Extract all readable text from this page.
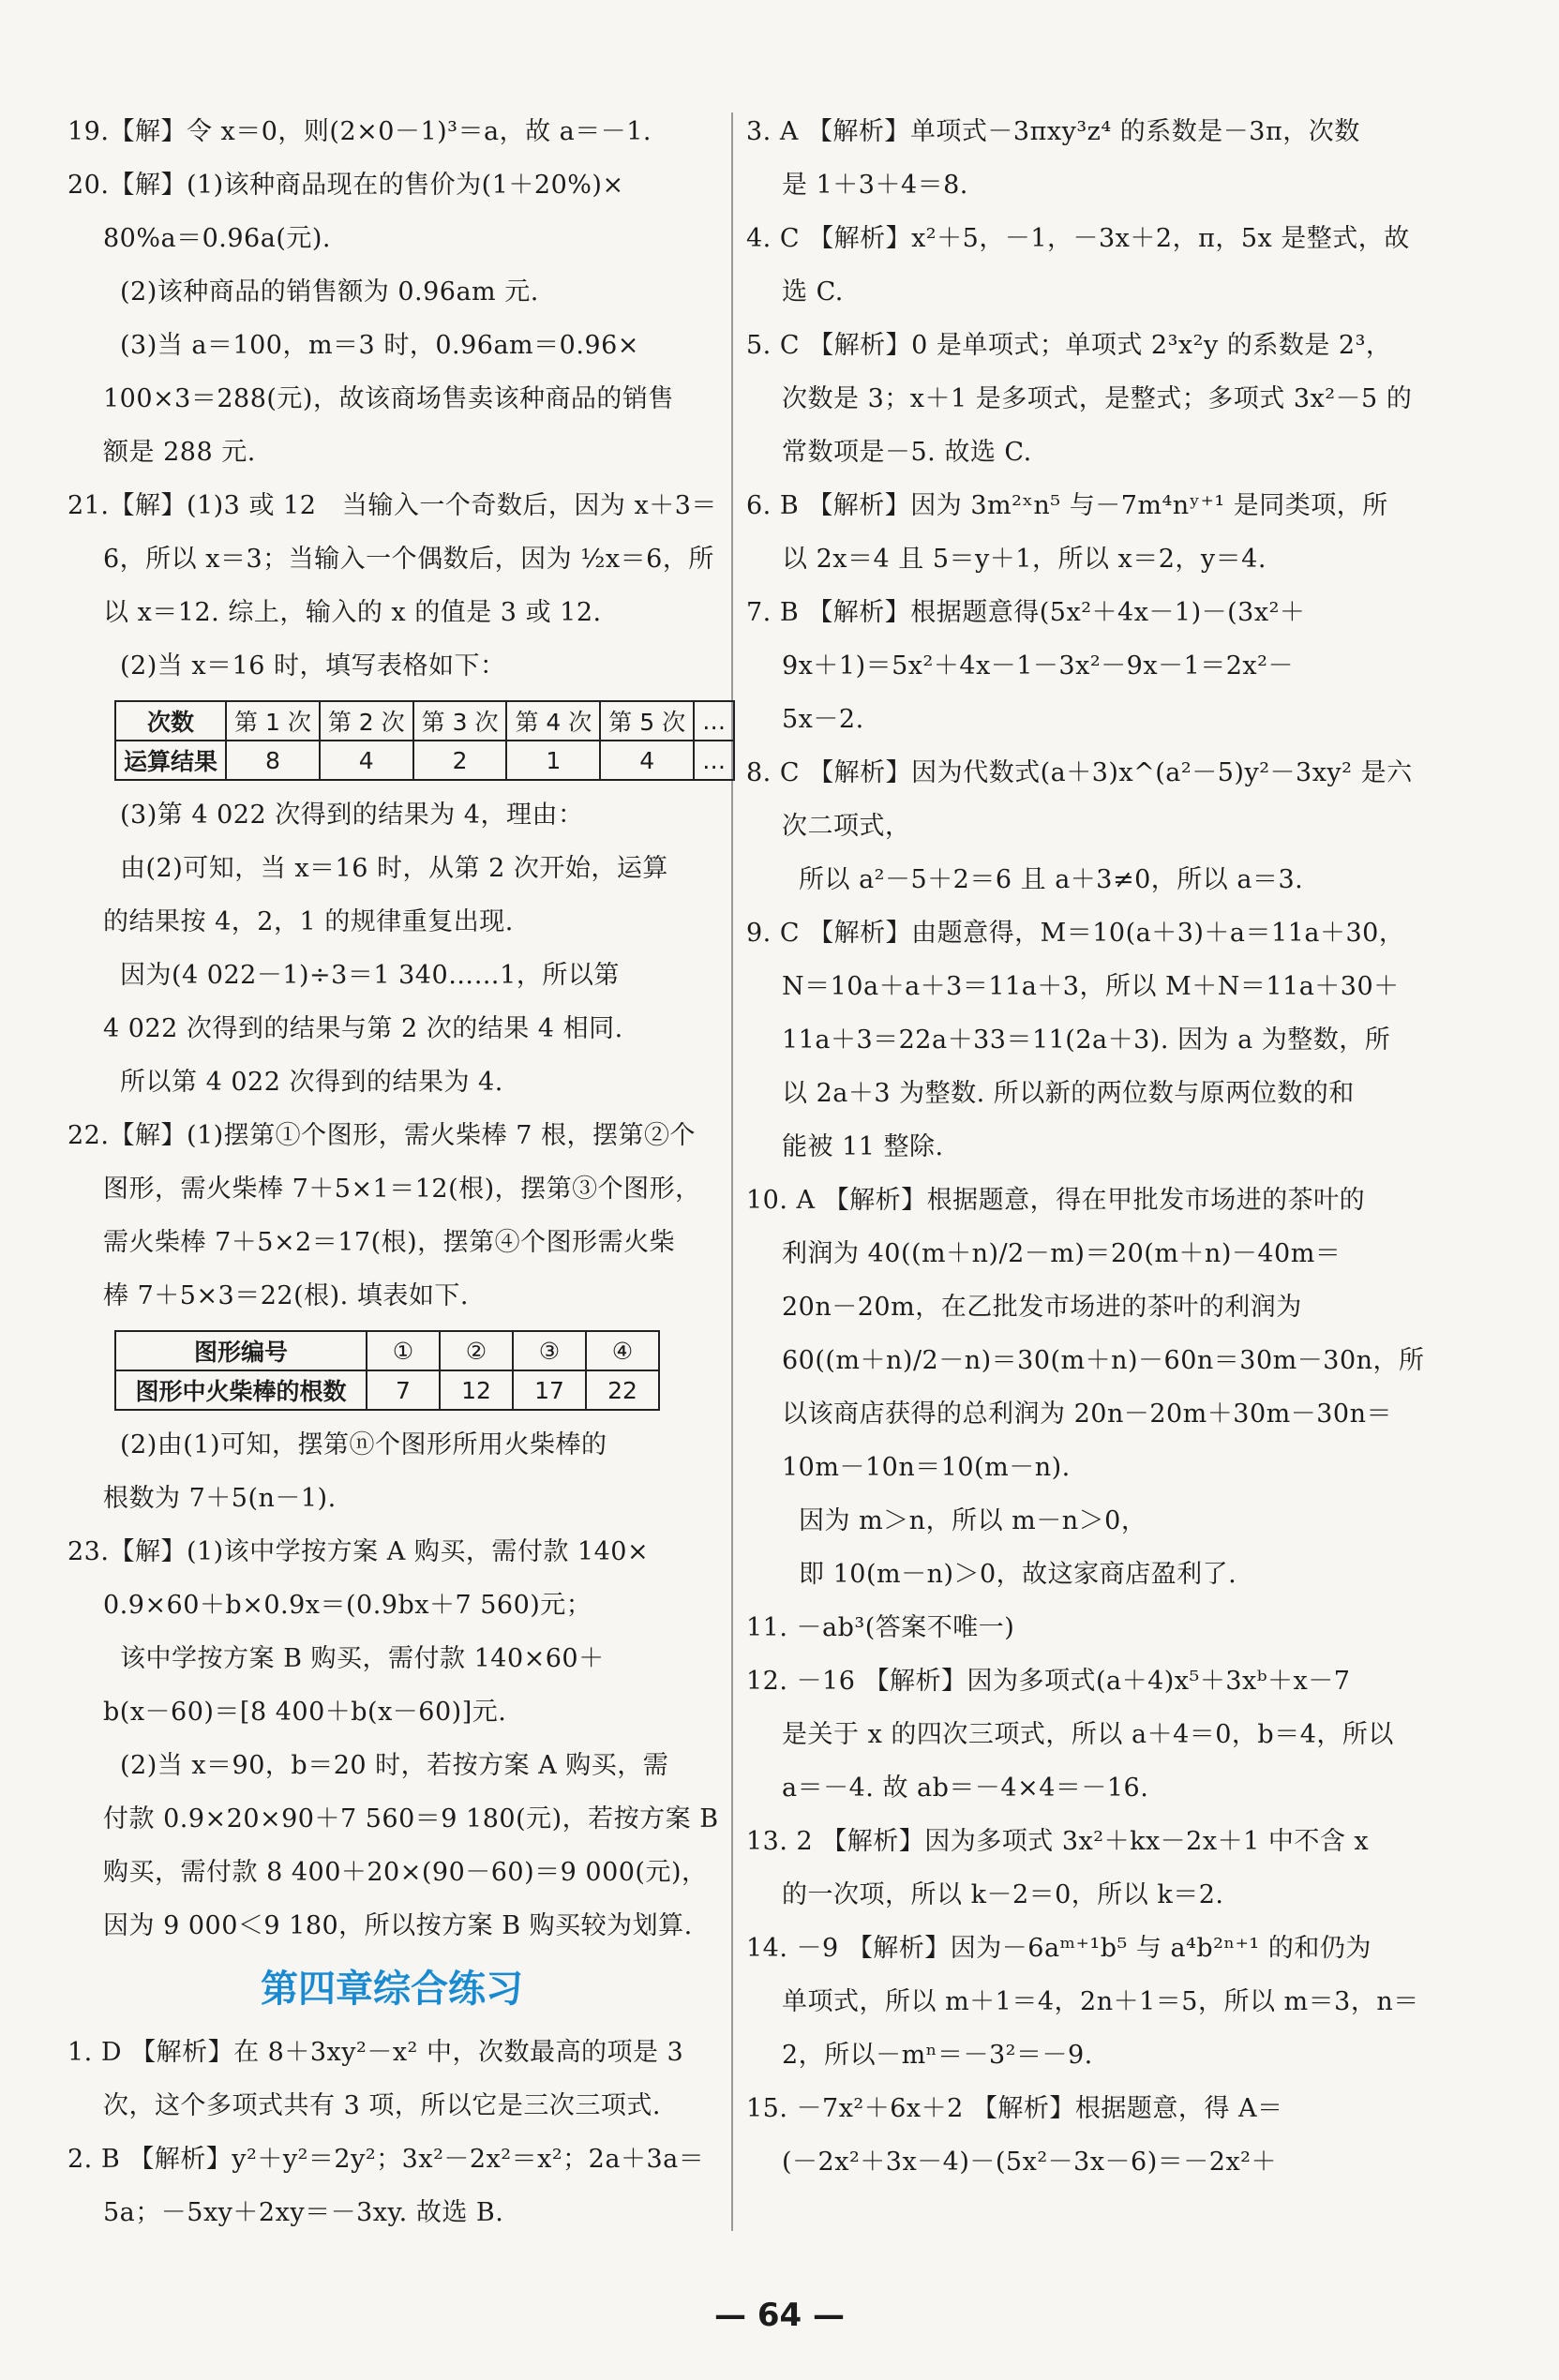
19.【解】令 x＝0，则(2×0－1)³＝a，故 a＝－1.

20.【解】(1)该种商品现在的售价为(1＋20%)×

80%a＝0.96a(元).

(2)该种商品的销售额为 0.96am 元.

(3)当 a＝100，m＝3 时，0.96am＝0.96×

100×3＝288(元)，故该商场售卖该种商品的销售

额是 288 元.

21.【解】(1)3 或 12　当输入一个奇数后，因为 x＋3＝

6，所以 x＝3；当输入一个偶数后，因为 ½x＝6，所

以 x＝12. 综上，输入的 x 的值是 3 或 12.

(2)当 x＝16 时，填写表格如下：

次数	第 1 次	第 2 次	第 3 次	第 4 次	第 5 次	…
运算结果	8	4	2	1	4	…

(3)第 4 022 次得到的结果为 4，理由：

由(2)可知，当 x＝16 时，从第 2 次开始，运算

的结果按 4，2，1 的规律重复出现.

因为(4 022－1)÷3＝1 340……1，所以第

4 022 次得到的结果与第 2 次的结果 4 相同.

所以第 4 022 次得到的结果为 4.

22.【解】(1)摆第①个图形，需火柴棒 7 根，摆第②个

图形，需火柴棒 7＋5×1＝12(根)，摆第③个图形，

需火柴棒 7＋5×2＝17(根)，摆第④个图形需火柴

棒 7＋5×3＝22(根). 填表如下.

图形编号	①	②	③	④
图形中火柴棒的根数	7	12	17	22

(2)由(1)可知，摆第ⓝ个图形所用火柴棒的

根数为 7＋5(n－1).

23.【解】(1)该中学按方案 A 购买，需付款 140×

0.9×60＋b×0.9x＝(0.9bx＋7 560)元；

该中学按方案 B 购买，需付款 140×60＋

b(x－60)＝[8 400＋b(x－60)]元.

(2)当 x＝90，b＝20 时，若按方案 A 购买，需

付款 0.9×20×90＋7 560＝9 180(元)，若按方案 B

购买，需付款 8 400＋20×(90－60)＝9 000(元)，

因为 9 000＜9 180，所以按方案 B 购买较为划算.

第四章综合练习

1. D 【解析】在 8＋3xy²－x² 中，次数最高的项是 3

次，这个多项式共有 3 项，所以它是三次三项式.

2. B 【解析】y²＋y²＝2y²；3x²－2x²＝x²；2a＋3a＝

5a；－5xy＋2xy＝－3xy. 故选 B.

3. A 【解析】单项式－3πxy³z⁴ 的系数是－3π，次数

是 1＋3＋4＝8.

4. C 【解析】x²＋5，－1，－3x＋2，π，5x 是整式，故

选 C.

5. C 【解析】0 是单项式；单项式 2³x²y 的系数是 2³，

次数是 3；x＋1 是多项式，是整式；多项式 3x²－5 的

常数项是－5. 故选 C.

6. B 【解析】因为 3m²ˣn⁵ 与－7m⁴nʸ⁺¹ 是同类项，所

以 2x＝4 且 5＝y＋1，所以 x＝2，y＝4.

7. B 【解析】根据题意得(5x²＋4x－1)－(3x²＋

9x＋1)＝5x²＋4x－1－3x²－9x－1＝2x²－

5x－2.

8. C 【解析】因为代数式(a＋3)x^(a²－5)y²－3xy² 是六

次二项式，

所以 a²－5＋2＝6 且 a＋3≠0，所以 a＝3.

9. C 【解析】由题意得，M＝10(a＋3)＋a＝11a＋30，

N＝10a＋a＋3＝11a＋3，所以 M＋N＝11a＋30＋

11a＋3＝22a＋33＝11(2a＋3). 因为 a 为整数，所

以 2a＋3 为整数. 所以新的两位数与原两位数的和

能被 11 整除.

10. A 【解析】根据题意，得在甲批发市场进的茶叶的

利润为 40((m＋n)/2－m)＝20(m＋n)－40m＝

20n－20m，在乙批发市场进的茶叶的利润为

60((m＋n)/2－n)＝30(m＋n)－60n＝30m－30n，所

以该商店获得的总利润为 20n－20m＋30m－30n＝

10m－10n＝10(m－n).

因为 m＞n，所以 m－n＞0，

即 10(m－n)＞0，故这家商店盈利了.

11. －ab³(答案不唯一)

12. －16 【解析】因为多项式(a＋4)x⁵＋3xᵇ＋x－7

是关于 x 的四次三项式，所以 a＋4＝0，b＝4，所以

a＝－4. 故 ab＝－4×4＝－16.

13. 2 【解析】因为多项式 3x²＋kx－2x＋1 中不含 x

的一次项，所以 k－2＝0，所以 k＝2.

14. －9 【解析】因为－6aᵐ⁺¹b⁵ 与 a⁴b²ⁿ⁺¹ 的和仍为

单项式，所以 m＋1＝4，2n＋1＝5，所以 m＝3，n＝

2，所以－mⁿ＝－3²＝－9.

15. －7x²＋6x＋2 【解析】根据题意，得 A＝

(－2x²＋3x－4)－(5x²－3x－6)＝－2x²＋

— 64 —
